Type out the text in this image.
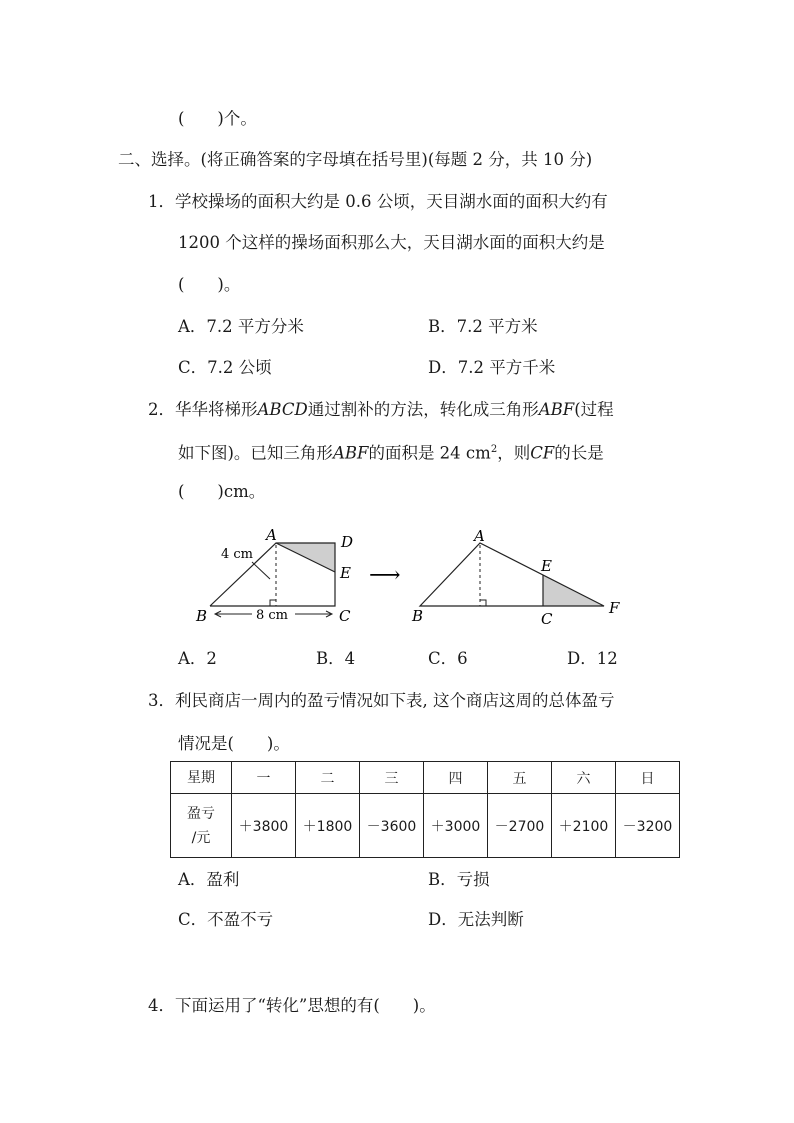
(　　)个。
二、选择。(将正确答案的字母填在括号里)(每题 2 分，共 10 分)
1．学校操场的面积大约是 0.6 公顷，天目湖水面的面积大约有
1200 个这样的操场面积那么大，天目湖水面的面积大约是
(　　)。
A．7.2 平方分米	B．7.2 平方米
C．7.2 公顷	D．7.2 平方千米
2．华华将梯形ABCD通过割补的方法，转化成三角形ABF(过程
如下图)。已知三角形ABF的面积是 24 $cm^2$，则CF的长是
(　　)cm。
A	D
E
B	C
4 cm
8 cm
⟶
A
E
B	C
F
A．2	B．4	C．6	D．12
3．利民商店一周内的盈亏情况如下表, 这个商店这周的总体盈亏
情况是(　　)。
星期	一	二	三	四	五	六	日
盈亏
/元	＋3800	＋1800	－3600	＋3000	－2700	＋2100	－3200
A．盈利	B．亏损
C．不盈不亏	D．无法判断
4．下面运用了“转化”思想的有(　　)。
